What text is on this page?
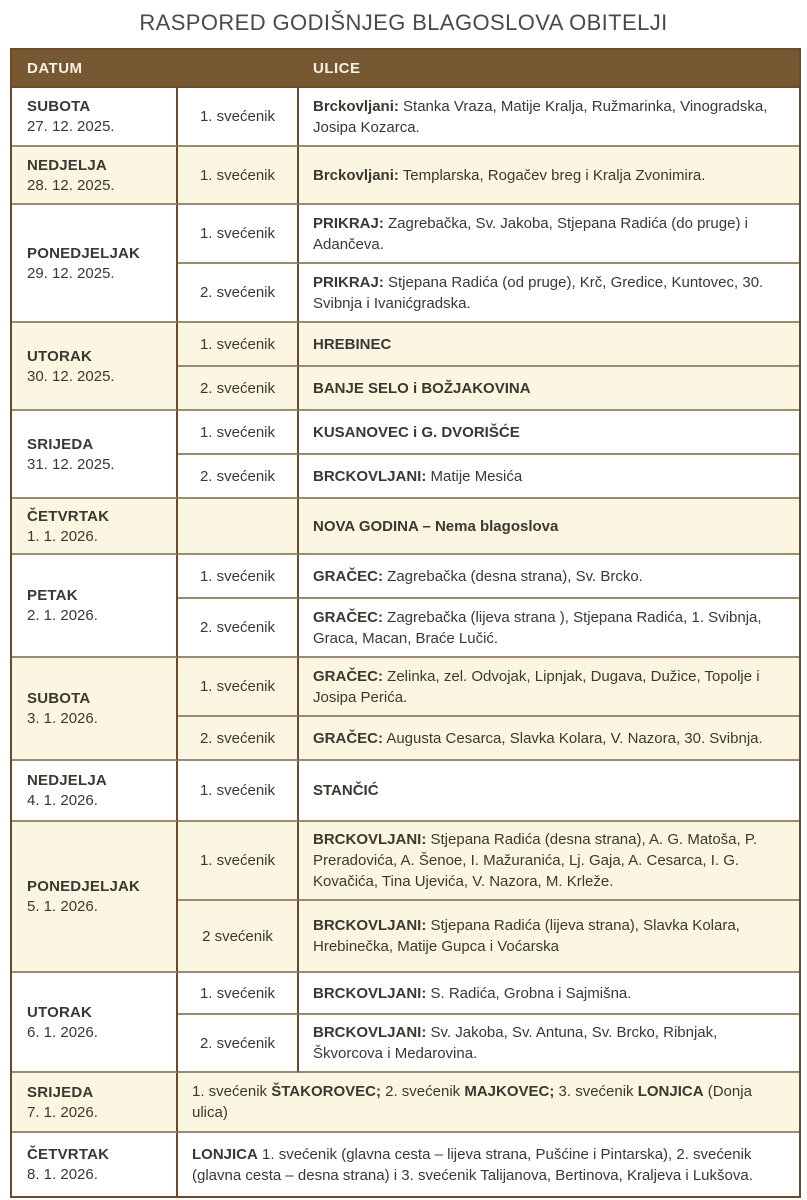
RASPORED GODIŠNJEG BLAGOSLOVA OBITELJI
DATUM		ULICE

SUBOTA
27. 12. 2025.	1. svećenik	Brckovljani: Stanka Vraza, Matije Kralja, Ružmarinka, Vinogradska, Josipa Kozarca.

NEDJELJA
28. 12. 2025.	1. svećenik	Brckovljani: Templarska, Rogačev breg i Kralja Zvonimira.

PONEDJELJAK
29. 12. 2025.	1. svećenik	PRIKRAJ: Zagrebačka, Sv. Jakoba, Stjepana Radića (do pruge) i Adančeva.
	2. svećenik	PRIKRAJ: Stjepana Radića (od pruge), Krč, Gredice, Kuntovec, 30. Svibnja i Ivanićgradska.

UTORAK
30. 12. 2025.	1. svećenik	HREBINEC
	2. svećenik	BANJE SELO i BOŽJAKOVINA

SRIJEDA
31. 12. 2025.	1. svećenik	KUSANOVEC i G. DVORIŠĆE
	2. svećenik	BRCKOVLJANI: Matije Mesića

ČETVRTAK
1. 1. 2026.		NOVA GODINA – Nema blagoslova

PETAK
2. 1. 2026.	1. svećenik	GRAČEC: Zagrebačka (desna strana), Sv. Brcko.
	2. svećenik	GRAČEC: Zagrebačka (lijeva strana ), Stjepana Radića, 1. Svibnja, Graca, Macan, Braće Lučić.

SUBOTA
3. 1. 2026.	1. svećenik	GRAČEC: Zelinka, zel. Odvojak, Lipnjak, Dugava, Dužice, Topolje i Josipa Perića.
	2. svećenik	GRAČEC: Augusta Cesarca, Slavka Kolara, V. Nazora, 30. Svibnja.

NEDJELJA
4. 1. 2026.	1. svećenik	STANČIĆ

PONEDJELJAK
5. 1. 2026.	1. svećenik	BRCKOVLJANI: Stjepana Radića (desna strana), A. G. Matoša, P. Preradovića, A. Šenoe, I. Mažuranića, Lj. Gaja, A. Cesarca, I. G. Kovačića, Tina Ujevića, V. Nazora, M. Krleže.
	2 svećenik	BRCKOVLJANI: Stjepana Radića (lijeva strana), Slavka Kolara, Hrebinečka, Matije Gupca i Voćarska

UTORAK
6. 1. 2026.	1. svećenik	BRCKOVLJANI: S. Radića, Grobna i Sajmišna.
	2. svećenik	BRCKOVLJANI: Sv. Jakoba, Sv. Antuna, Sv. Brcko, Ribnjak, Škvorcova i Medarovina.

SRIJEDA
7. 1. 2026.	1. svećenik ŠTAKOROVEC; 2. svećenik MAJKOVEC; 3. svećenik LONJICA (Donja ulica)	

ČETVRTAK
8. 1. 2026.	LONJICA 1. svećenik (glavna cesta – lijeva strana, Pušćine i Pintarska), 2. svećenik (glavna cesta – desna strana) i 3. svećenik Talijanova, Bertinova, Kraljeva i Lukšova.	
